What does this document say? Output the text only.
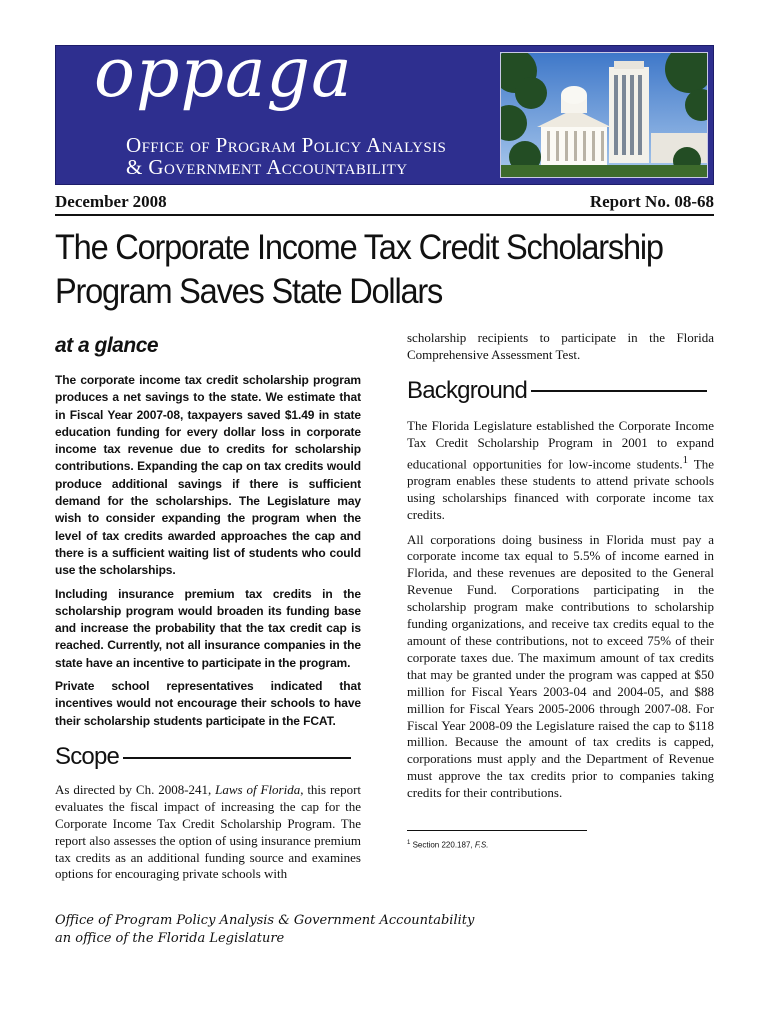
oppaga
Office of Program Policy Analysis
& Government Accountability
December 2008	Report No. 08-68
The Corporate Income Tax Credit Scholarship
Program Saves State Dollars
at a glance

The corporate income tax credit scholarship program produces a net savings to the state. We estimate that in Fiscal Year 2007-08, taxpayers saved $1.49 in state education funding for every dollar loss in corporate income tax revenue due to credits for scholarship contributions. Expanding the cap on tax credits would produce additional savings if there is sufficient demand for the scholarships. The Legislature may wish to consider expanding the program when the level of tax credits awarded approaches the cap and there is a sufficient waiting list of students who could use the scholarships.

Including insurance premium tax credits in the scholarship program would broaden its funding base and increase the probability that the tax credit cap is reached. Currently, not all insurance companies in the state have an incentive to participate in the program.

Private school representatives indicated that incentives would not encourage their schools to have their scholarship students participate in the FCAT.

Scope

As directed by Ch. 2008-241, Laws of Florida, this report evaluates the fiscal impact of increasing the cap for the Corporate Income Tax Credit Scholarship Program. The report also assesses the option of using insurance premium tax credits as an additional funding source and examines options for encouraging private schools with

scholarship recipients to participate in the Florida Comprehensive Assessment Test.

Background

The Florida Legislature established the Corporate Income Tax Credit Scholarship Program in 2001 to expand educational opportunities for low-income students.$^1$ The program enables these students to attend private schools using scholarships financed with corporate income tax credits.

All corporations doing business in Florida must pay a corporate income tax equal to 5.5% of income earned in Florida, and these revenues are deposited to the General Revenue Fund. Corporations participating in the scholarship program make contributions to scholarship funding organizations, and receive tax credits equal to the amount of these contributions, not to exceed 75% of their corporate taxes due. The maximum amount of tax credits that may be granted under the program was capped at $50 million for Fiscal Years 2003-04 and 2004-05, and $88 million for Fiscal Years 2005-2006 through 2007-08. For Fiscal Year 2008-09 the Legislature raised the cap to $118 million. Because the amount of tax credits is capped, corporations must apply and the Department of Revenue must approve the tax credits prior to companies taking credits for their contributions.

$^1$ Section 220.187, F.S.

Office of Program Policy Analysis & Government Accountability
an office of the Florida Legislature
